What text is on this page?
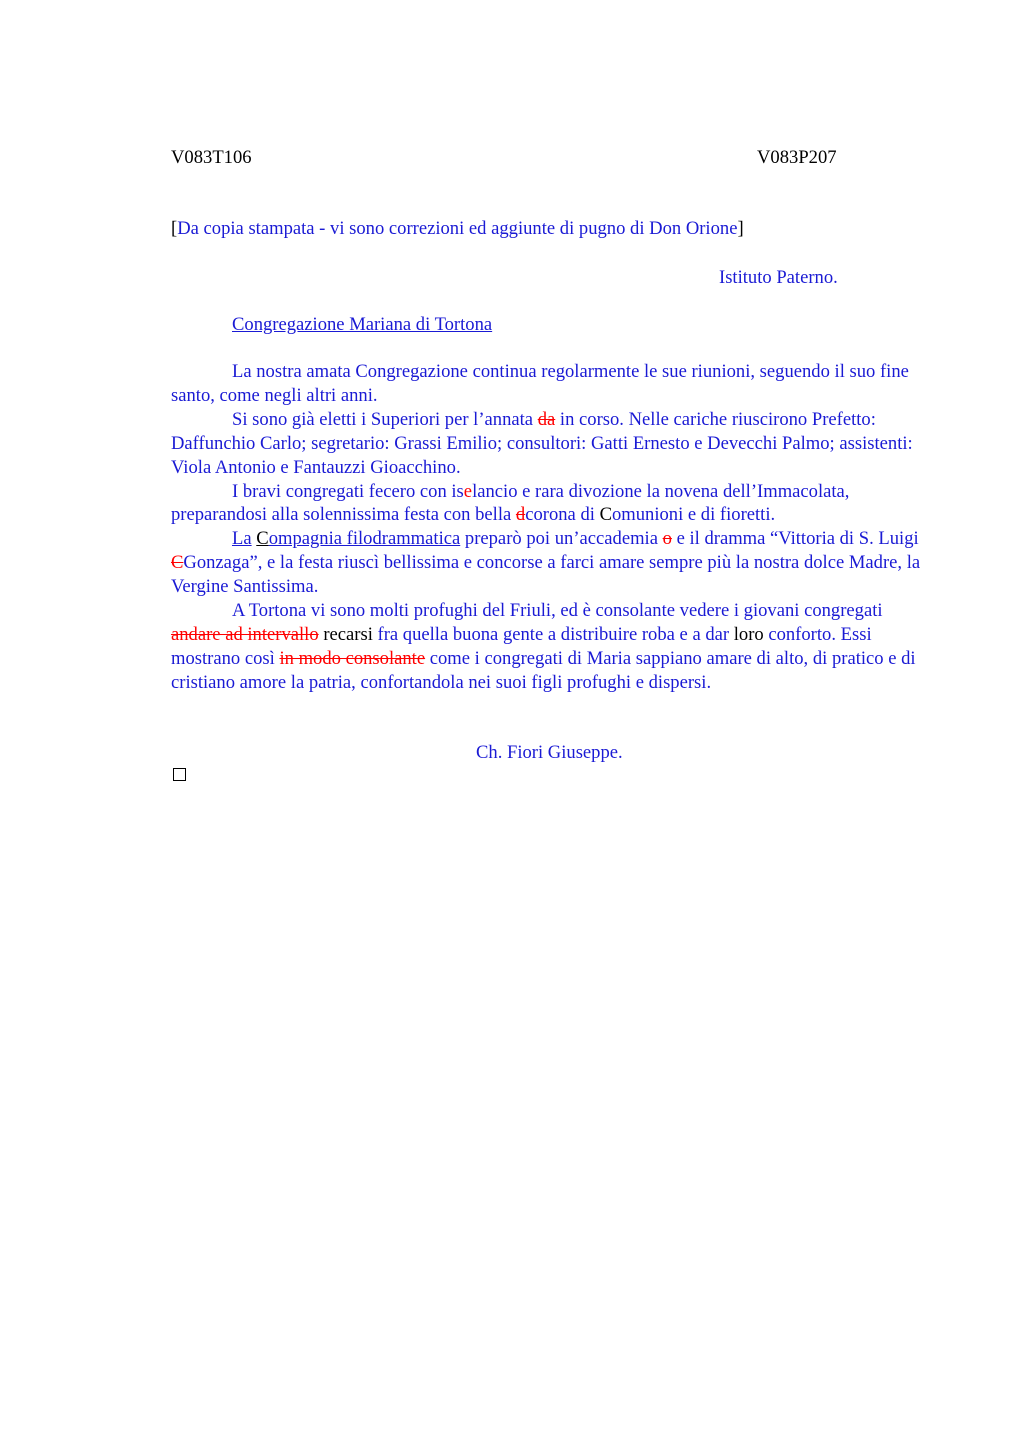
V083T106	V083P207
[Da copia stampata - vi sono correzioni ed aggiunte di pugno di Don Orione]
Istituto Paterno.
Congregazione Mariana di Tortona

La nostra amata Congregazione continua regolarmente le sue riunioni, seguendo il suo fine santo, come negli altri anni.

Si sono già eletti i Superiori per l’annata da in corso. Nelle cariche riuscirono Prefetto: Daffunchio Carlo; segretario: Grassi Emilio; consultori: Gatti Ernesto e Devecchi Palmo; assistenti: Viola Antonio e Fantauzzi Gioacchino.

I bravi congregati fecero con iselancio e rara divozione la novena dell’Immacolata, preparandosi alla solennissima festa con bella dcorona di Comunioni e di fioretti.

La Compagnia filodrammatica preparò poi un’accademia o e il dramma “Vittoria di S. Luigi CGonzaga”, e la festa riuscì bellissima e concorse a farci amare sempre più la nostra dolce Madre, la Vergine Santissima.

A Tortona vi sono molti profughi del Friuli, ed è consolante vedere i giovani congregati andare ad intervallo recarsi fra quella buona gente a distribuire roba e a dar loro conforto. Essi mostrano così in modo consolante come i congregati di Maria sappiano amare di alto, di pratico e di cristiano amore la patria, confortandola nei suoi figli profughi e dispersi.

Ch. Fiori Giuseppe.
